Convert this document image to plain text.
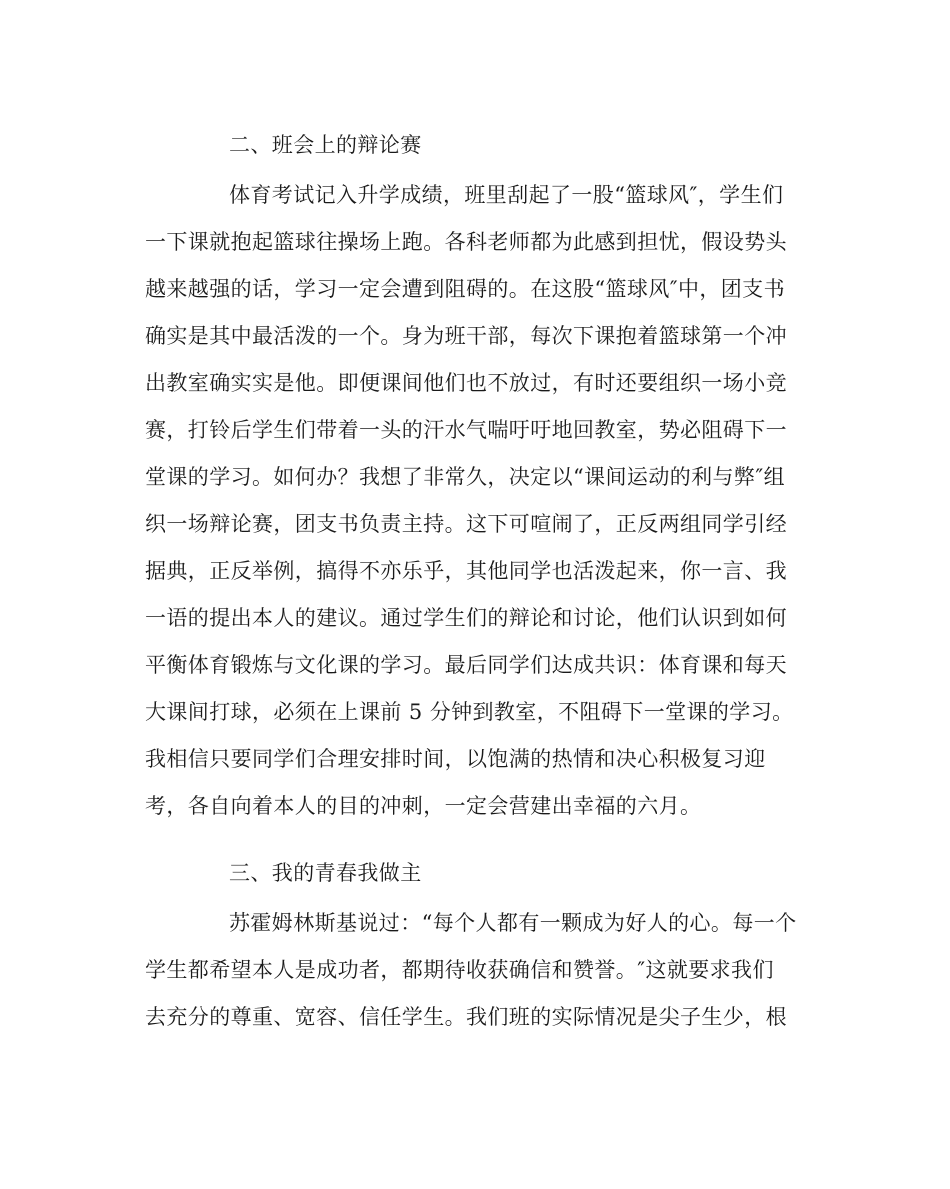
二、班会上的辩论赛
体育考试记入升学成绩，班里刮起了一股“篮球风″，学生们
一下课就抱起篮球往操场上跑。各科老师都为此感到担忧，假设势头
越来越强的话，学习一定会遭到阻碍的。在这股“篮球风″中，团支书
确实是其中最活泼的一个。身为班干部，每次下课抱着篮球第一个冲
出教室确实实是他。即便课间他们也不放过，有时还要组织一场小竞
赛，打铃后学生们带着一头的汗水气喘吁吁地回教室，势必阻碍下一
堂课的学习。如何办？我想了非常久，决定以“课间运动的利与弊″组
织一场辩论赛，团支书负责主持。这下可喧闹了，正反两组同学引经
据典，正反举例，搞得不亦乐乎，其他同学也活泼起来，你一言、我
一语的提出本人的建议。通过学生们的辩论和讨论，他们认识到如何
平衡体育锻炼与文化课的学习。最后同学们达成共识：体育课和每天
大课间打球，必须在上课前 5 分钟到教室，不阻碍下一堂课的学习。
我相信只要同学们合理安排时间，以饱满的热情和决心积极复习迎
考，各自向着本人的目的冲刺，一定会营建出幸福的六月。
三、我的青春我做主
苏霍姆林斯基说过：“每个人都有一颗成为好人的心。每一个
学生都希望本人是成功者，都期待收获确信和赞誉。″这就要求我们
去充分的尊重、宽容、信任学生。我们班的实际情况是尖子生少，根
